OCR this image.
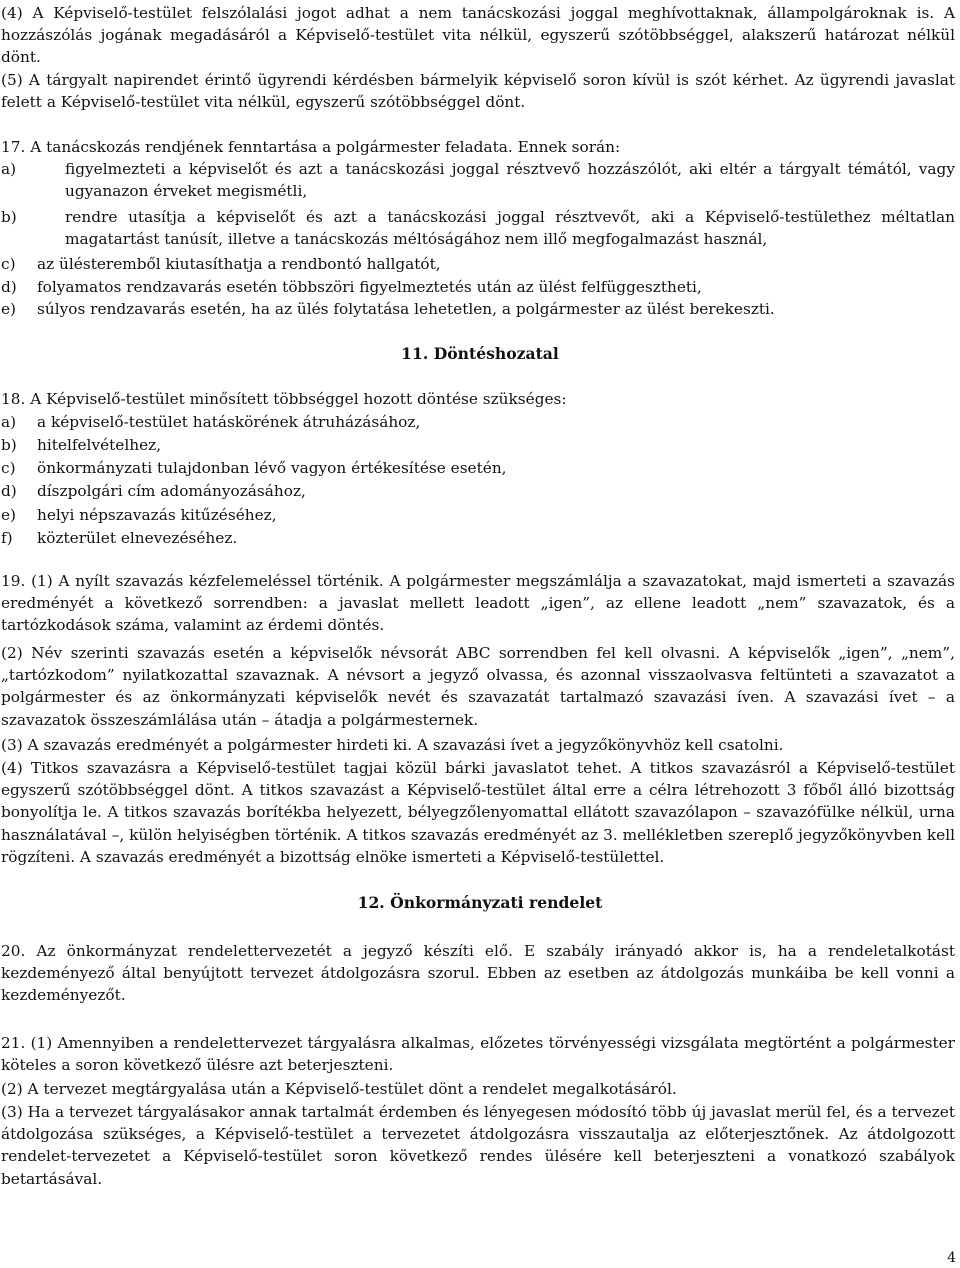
(4) A Képviselő-testület felszólalási jogot adhat a nem tanácskozási joggal meghívottaknak, állampolgároknak is. A hozzászólás jogának megadásáról a Képviselő-testület vita nélkül, egyszerű szótöbbséggel, alakszerű határozat nélkül dönt.

(5) A tárgyalt napirendet érintő ügyrendi kérdésben bármelyik képviselő soron kívül is szót kérhet. Az ügyrendi javaslat felett a Képviselő-testület vita nélkül, egyszerű szótöbbséggel dönt.

17. A tanácskozás rendjének fenntartása a polgármester feladata. Ennek során:

a)	figyelmezteti a képviselőt és azt a tanácskozási joggal résztvevő hozzászólót, aki eltér a tárgyalt témától, vagy ugyanazon érveket megismétli,
b)	rendre utasítja a képviselőt és azt a tanácskozási joggal résztvevőt, aki a Képviselő-testülethez méltatlan magatartást tanúsít, illetve a tanácskozás méltóságához nem illő megfogalmazást használ,
c) az ülésteremből kiutasíthatja a rendbontó hallgatót,
d) folyamatos rendzavarás esetén többszöri figyelmeztetés után az ülést felfüggesztheti,
e) súlyos rendzavarás esetén, ha az ülés folytatása lehetetlen, a polgármester az ülést berekeszti.
11. Döntéshozatal

18. A Képviselő-testület minősített többséggel hozott döntése szükséges:

a) a képviselő-testület hatáskörének átruházásához,
b) hitelfelvételhez,
c) önkormányzati tulajdonban lévő vagyon értékesítése esetén,
d) díszpolgári cím adományozásához,
e) helyi népszavazás kitűzéséhez,
f) közterület elnevezéséhez.

19. (1) A nyílt szavazás kézfelemeléssel történik. A polgármester megszámlálja a szavazatokat, majd ismerteti a szavazás eredményét a következő sorrendben: a javaslat mellett leadott „igen”, az ellene leadott „nem” szavazatok, és a tartózkodások száma, valamint az érdemi döntés.

(2) Név szerinti szavazás esetén a képviselők névsorát ABC sorrendben fel kell olvasni. A képviselők „igen”, „nem”, „tartózkodom” nyilatkozattal szavaznak. A névsort a jegyző olvassa, és azonnal visszaolvasva feltünteti a szavazatot a polgármester és az önkormányzati képviselők nevét és szavazatát tartalmazó szavazási íven. A szavazási ívet – a szavazatok összeszámlálása után – átadja a polgármesternek.

(3) A szavazás eredményét a polgármester hirdeti ki. A szavazási ívet a jegyzőkönyvhöz kell csatolni.

(4) Titkos szavazásra a Képviselő-testület tagjai közül bárki javaslatot tehet. A titkos szavazásról a Képviselő-testület egyszerű szótöbbséggel dönt. A titkos szavazást a Képviselő-testület által erre a célra létrehozott 3 főből álló bizottság bonyolítja le. A titkos szavazás borítékba helyezett, bélyegzőlenyomattal ellátott szavazólapon – szavazófülke nélkül, urna használatával –, külön helyiségben történik. A titkos szavazás eredményét az 3. mellékletben szereplő jegyzőkönyvben kell rögzíteni. A szavazás eredményét a bizottság elnöke ismerteti a Képviselő-testülettel.

12. Önkormányzati rendelet

20. Az önkormányzat rendelettervezetét a jegyző készíti elő. E szabály irányadó akkor is, ha a rendeletalkotást kezdeményező által benyújtott tervezet átdolgozásra szorul. Ebben az esetben az átdolgozás munkáiba be kell vonni a kezdeményezőt.

21. (1) Amennyiben a rendelettervezet tárgyalásra alkalmas, előzetes törvényességi vizsgálata megtörtént a polgármester köteles a soron következő ülésre azt beterjeszteni.

(2) A tervezet megtárgyalása után a Képviselő-testület dönt a rendelet megalkotásáról.

(3) Ha a tervezet tárgyalásakor annak tartalmát érdemben és lényegesen módosító több új javaslat merül fel, és a tervezet átdolgozása szükséges, a Képviselő-testület a tervezetet átdolgozásra visszautalja az előterjesztőnek. Az átdolgozott rendelet-tervezetet a Képviselő-testület soron következő rendes ülésére kell beterjeszteni a vonatkozó szabályok betartásával.

4
